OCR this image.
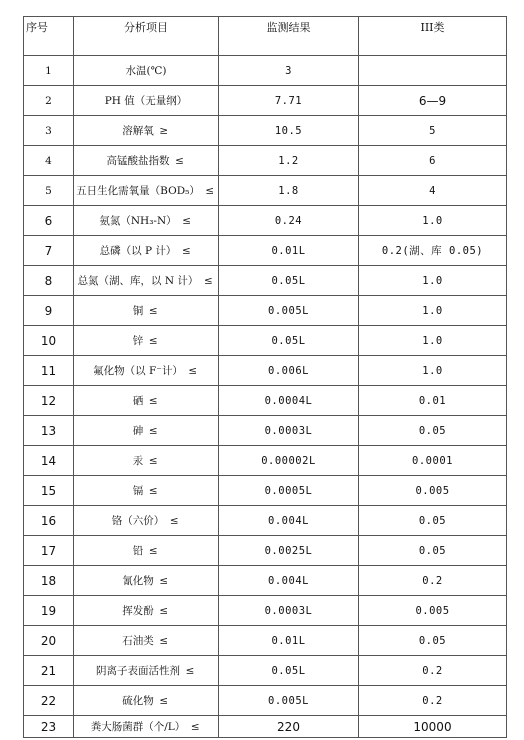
序号	分析项目	监测结果	III类
1	水温(℃)	3	
2	PH 值（无量纲）	7.71	6—9
3	溶解氧 ≥	10.5	5
4	高锰酸盐指数 ≤	1.2	6
5	五日生化需氧量（BOD₅） ≤	1.8	4
6	氨氮（NH₃-N） ≤	0.24	1.0
7	总磷（以 P 计） ≤	0.01L	0.2(湖、库 0.05)
8	总氮（湖、库，以 N 计） ≤	0.05L	1.0
9	铜 ≤	0.005L	1.0
10	锌 ≤	0.05L	1.0
11	氟化物（以 F⁻计） ≤	0.006L	1.0
12	硒 ≤	0.0004L	0.01
13	砷 ≤	0.0003L	0.05
14	汞 ≤	0.00002L	0.0001
15	镉 ≤	0.0005L	0.005
16	铬（六价） ≤	0.004L	0.05
17	铅 ≤	0.0025L	0.05
18	氰化物 ≤	0.004L	0.2
19	挥发酚 ≤	0.0003L	0.005
20	石油类 ≤	0.01L	0.05
21	阴离子表面活性剂 ≤	0.05L	0.2
22	硫化物 ≤	0.005L	0.2
23	粪大肠菌群（个/L） ≤	220	10000
